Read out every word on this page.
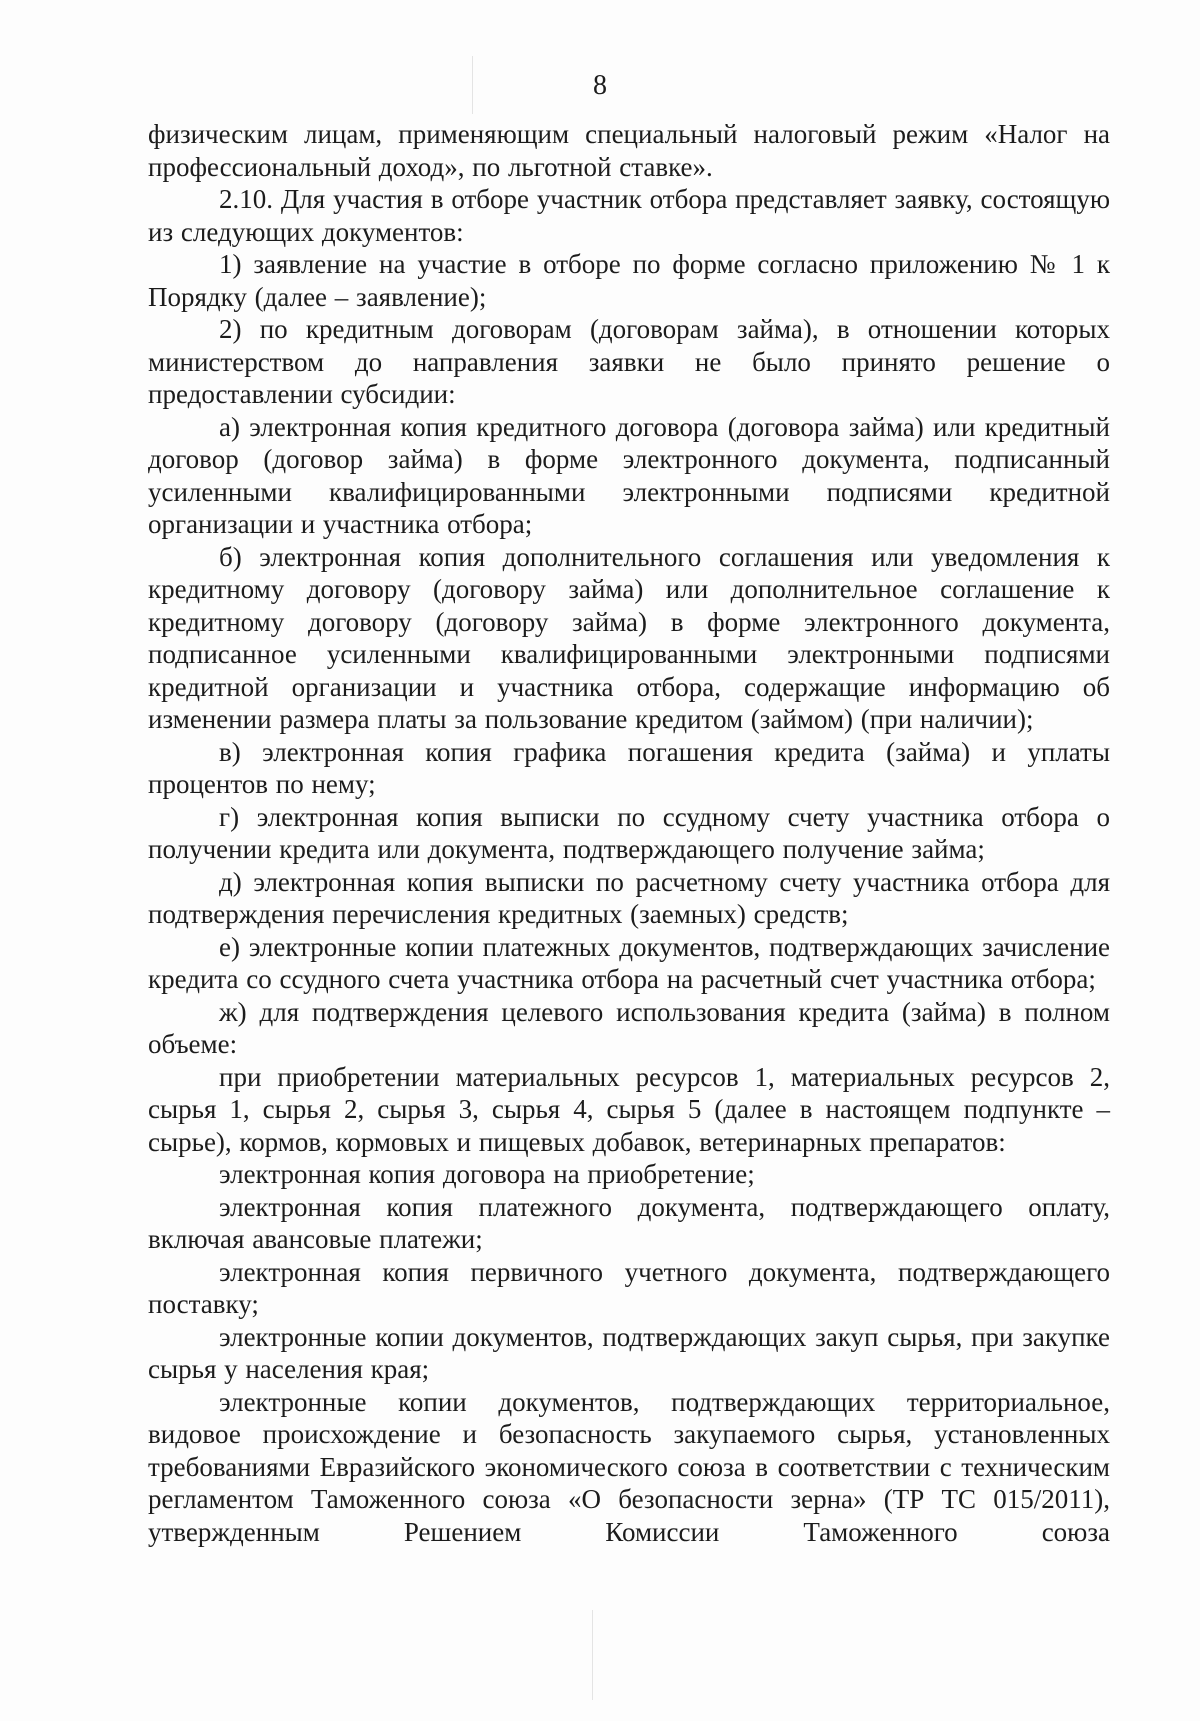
8

физическим лицам, применяющим специальный налоговый режим «Налог на профессиональный доход», по льготной ставке».

2.10. Для участия в отборе участник отбора представляет заявку, состоящую из следующих документов:

1) заявление на участие в отборе по форме согласно приложению № 1 к Порядку (далее – заявление);

2) по кредитным договорам (договорам займа), в отношении которых министерством до направления заявки не было принято решение о предоставлении субсидии:

а) электронная копия кредитного договора (договора займа) или кредитный договор (договор займа) в форме электронного документа, подписанный усиленными квалифицированными электронными подписями кредитной организации и участника отбора;

б) электронная копия дополнительного соглашения или уведомления к кредитному договору (договору займа) или дополнительное соглашение к кредитному договору (договору займа) в форме электронного документа, подписанное усиленными квалифицированными электронными подписями кредитной организации и участника отбора, содержащие информацию об изменении размера платы за пользование кредитом (займом) (при наличии);

в) электронная копия графика погашения кредита (займа) и уплаты процентов по нему;

г) электронная копия выписки по ссудному счету участника отбора о получении кредита или документа, подтверждающего получение займа;

д) электронная копия выписки по расчетному счету участника отбора для подтверждения перечисления кредитных (заемных) средств;

е) электронные копии платежных документов, подтверждающих зачисление кредита со ссудного счета участника отбора на расчетный счет участника отбора;

ж) для подтверждения целевого использования кредита (займа) в полном объеме:

при приобретении материальных ресурсов 1, материальных ресурсов 2, сырья 1, сырья 2, сырья 3, сырья 4, сырья 5 (далее в настоящем подпункте – сырье), кормов, кормовых и пищевых добавок, ветеринарных препаратов:

электронная копия договора на приобретение;

электронная копия платежного документа, подтверждающего оплату, включая авансовые платежи;

электронная копия первичного учетного документа, подтверждающего поставку;

электронные копии документов, подтверждающих закуп сырья, при закупке сырья у населения края;

электронные копии документов, подтверждающих территориальное, видовое происхождение и безопасность закупаемого сырья, установленных требованиями Евразийского экономического союза в соответствии с техническим регламентом Таможенного союза «О безопасности зерна» (ТР ТС 015/2011), утвержденным Решением Комиссии Таможенного союза
